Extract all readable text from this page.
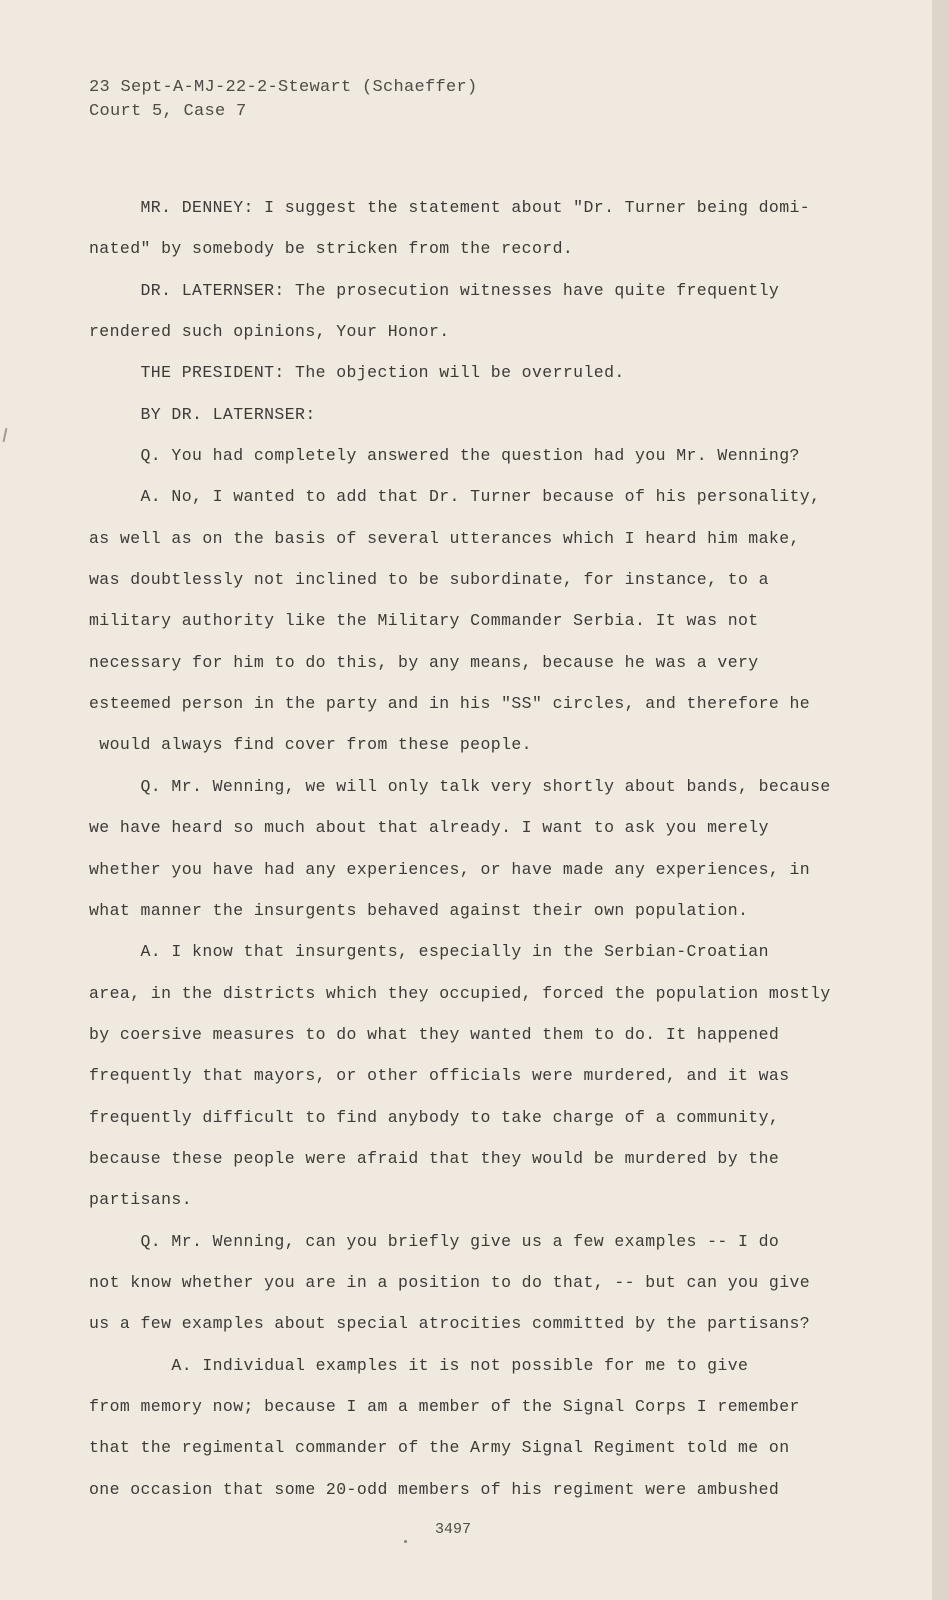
23 Sept-A-MJ-22-2-Stewart (Schaeffer)
Court 5, Case 7
MR. DENNEY: I suggest the statement about "Dr. Turner being domi-
nated" by somebody be stricken from the record.
DR. LATERNSER: The prosecution witnesses have quite frequently
rendered such opinions, Your Honor.
THE PRESIDENT: The objection will be overruled.
BY DR. LATERNSER:
Q. You had completely answered the question had you Mr. Wenning?
A. No, I wanted to add that Dr. Turner because of his personality,
as well as on the basis of several utterances which I heard him make,
was doubtlessly not inclined to be subordinate, for instance, to a
military authority like the Military Commander Serbia. It was not
necessary for him to do this, by any means, because he was a very
esteemed person in the party and in his "SS" circles, and therefore he
would always find cover from these people.
Q. Mr. Wenning, we will only talk very shortly about bands, because
we have heard so much about that already. I want to ask you merely
whether you have had any experiences, or have made any experiences, in
what manner the insurgents behaved against their own population.
A. I know that insurgents, especially in the Serbian-Croatian
area, in the districts which they occupied, forced the population mostly
by coersive measures to do what they wanted them to do. It happened
frequently that mayors, or other officials were murdered, and it was
frequently difficult to find anybody to take charge of a community,
because these people were afraid that they would be murdered by the
partisans.
Q. Mr. Wenning, can you briefly give us a few examples -- I do
not know whether you are in a position to do that, -- but can you give
us a few examples about special atrocities committed by the partisans?
A. Individual examples it is not possible for me to give
from memory now; because I am a member of the Signal Corps I remember
that the regimental commander of the Army Signal Regiment told me on
one occasion that some 20-odd members of his regiment were ambushed
3497
